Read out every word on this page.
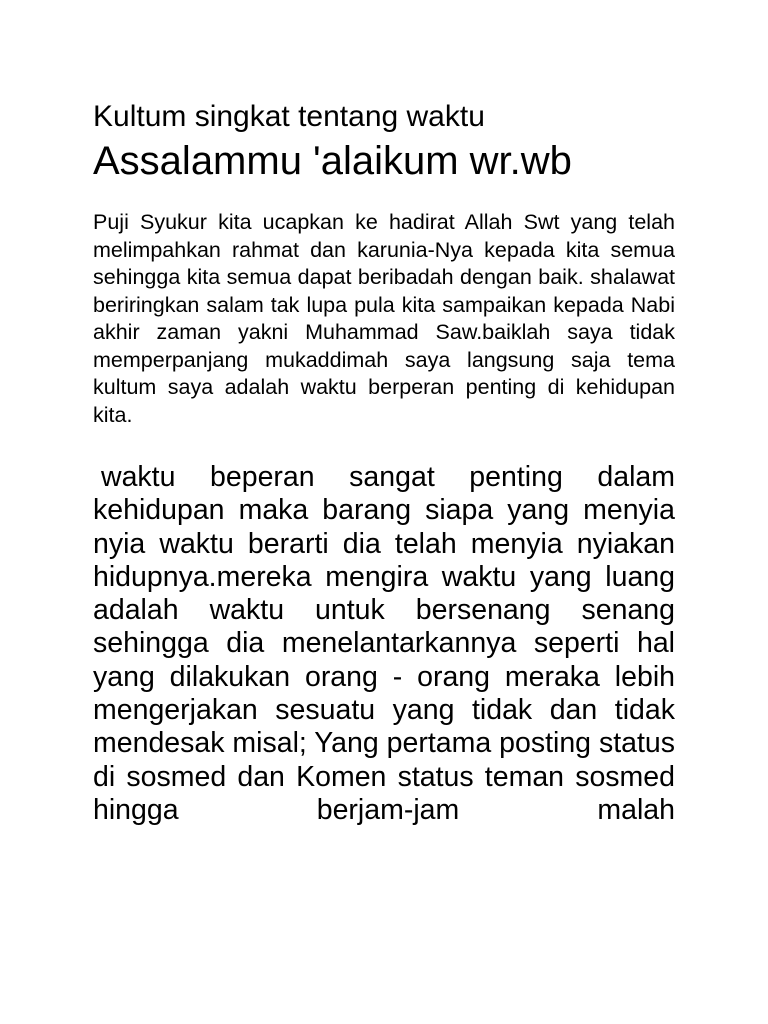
Kultum singkat tentang waktu
Assalammu 'alaikum wr.wb

Puji Syukur kita ucapkan ke hadirat Allah Swt yang telah melimpahkan rahmat dan karunia-Nya kepada kita semua sehingga kita semua dapat beribadah dengan baik. shalawat beriringkan salam tak lupa pula kita sampaikan kepada Nabi akhir zaman yakni Muhammad Saw.baiklah saya tidak memperpanjang mukaddimah saya langsung saja tema kultum saya adalah waktu berperan penting di kehidupan kita.

waktu beperan sangat penting dalam kehidupan maka barang siapa yang menyia nyia waktu berarti dia telah menyia nyiakan hidupnya.mereka mengira waktu yang luang adalah waktu untuk bersenang senang sehingga dia menelantarkannya seperti hal yang dilakukan orang - orang meraka lebih mengerjakan sesuatu yang tidak dan tidak mendesak misal; Yang pertama posting status di sosmed dan Komen status teman sosmed hingga berjam-jam malah
